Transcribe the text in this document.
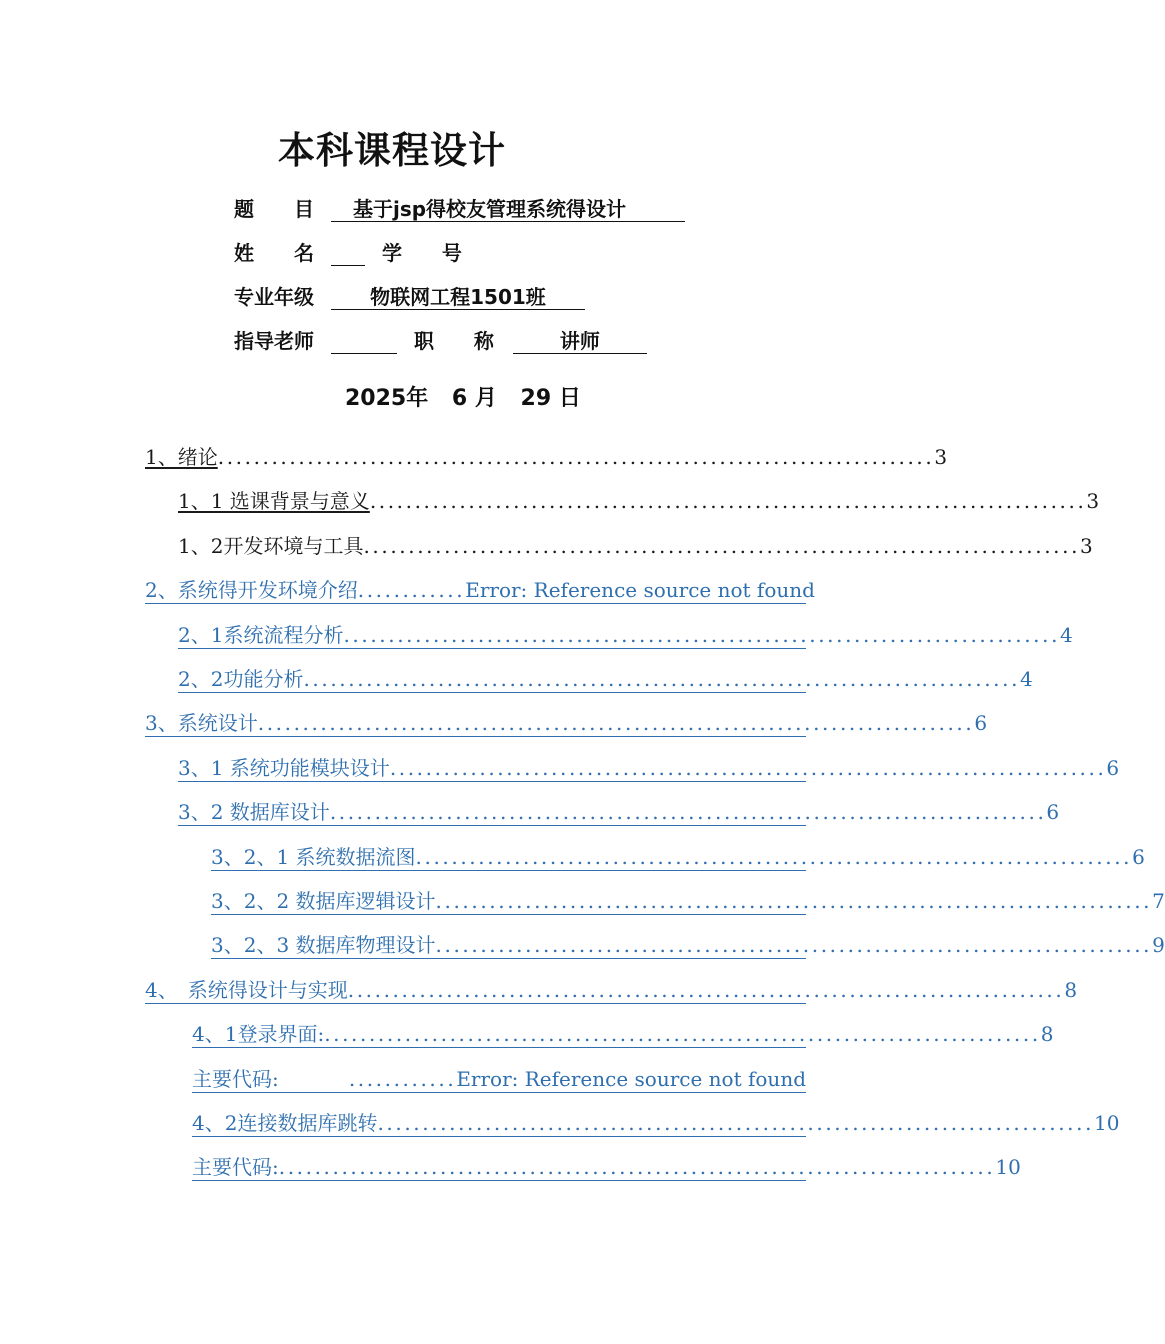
本科课程设计
题　　目 基于jsp得校友管理系统得设计
姓　　名	学　　号
专业年级	物联网工程1501班
指导老师	职　　称	讲师
2025年 6 月 29 日
1、绪论 ................................................................................ 3
1、1 选课背景与意义 ................................................................................ 3
1、2开发环境与工具 ................................................................................ 3
2、系统得开发环境介绍 ............ Error: Reference source not found
2、1系统流程分析 ................................................................................ 4
2、2功能分析 ................................................................................ 4
3、系统设计 ................................................................................ 6
3、1 系统功能模块设计 ................................................................................ 6
3、2 数据库设计 ................................................................................ 6
3、2、1 系统数据流图 ................................................................................ 6
3、2、2 数据库逻辑设计 ................................................................................ 7
3、2、3 数据库物理设计 ................................................................................ 9
4、　系统得设计与实现 ................................................................................ 8
4、1登录界面: ................................................................................ 8
主要代码:	............ Error: Reference source not found
4、2连接数据库跳转 ................................................................................ 10
主要代码: ................................................................................ 10
